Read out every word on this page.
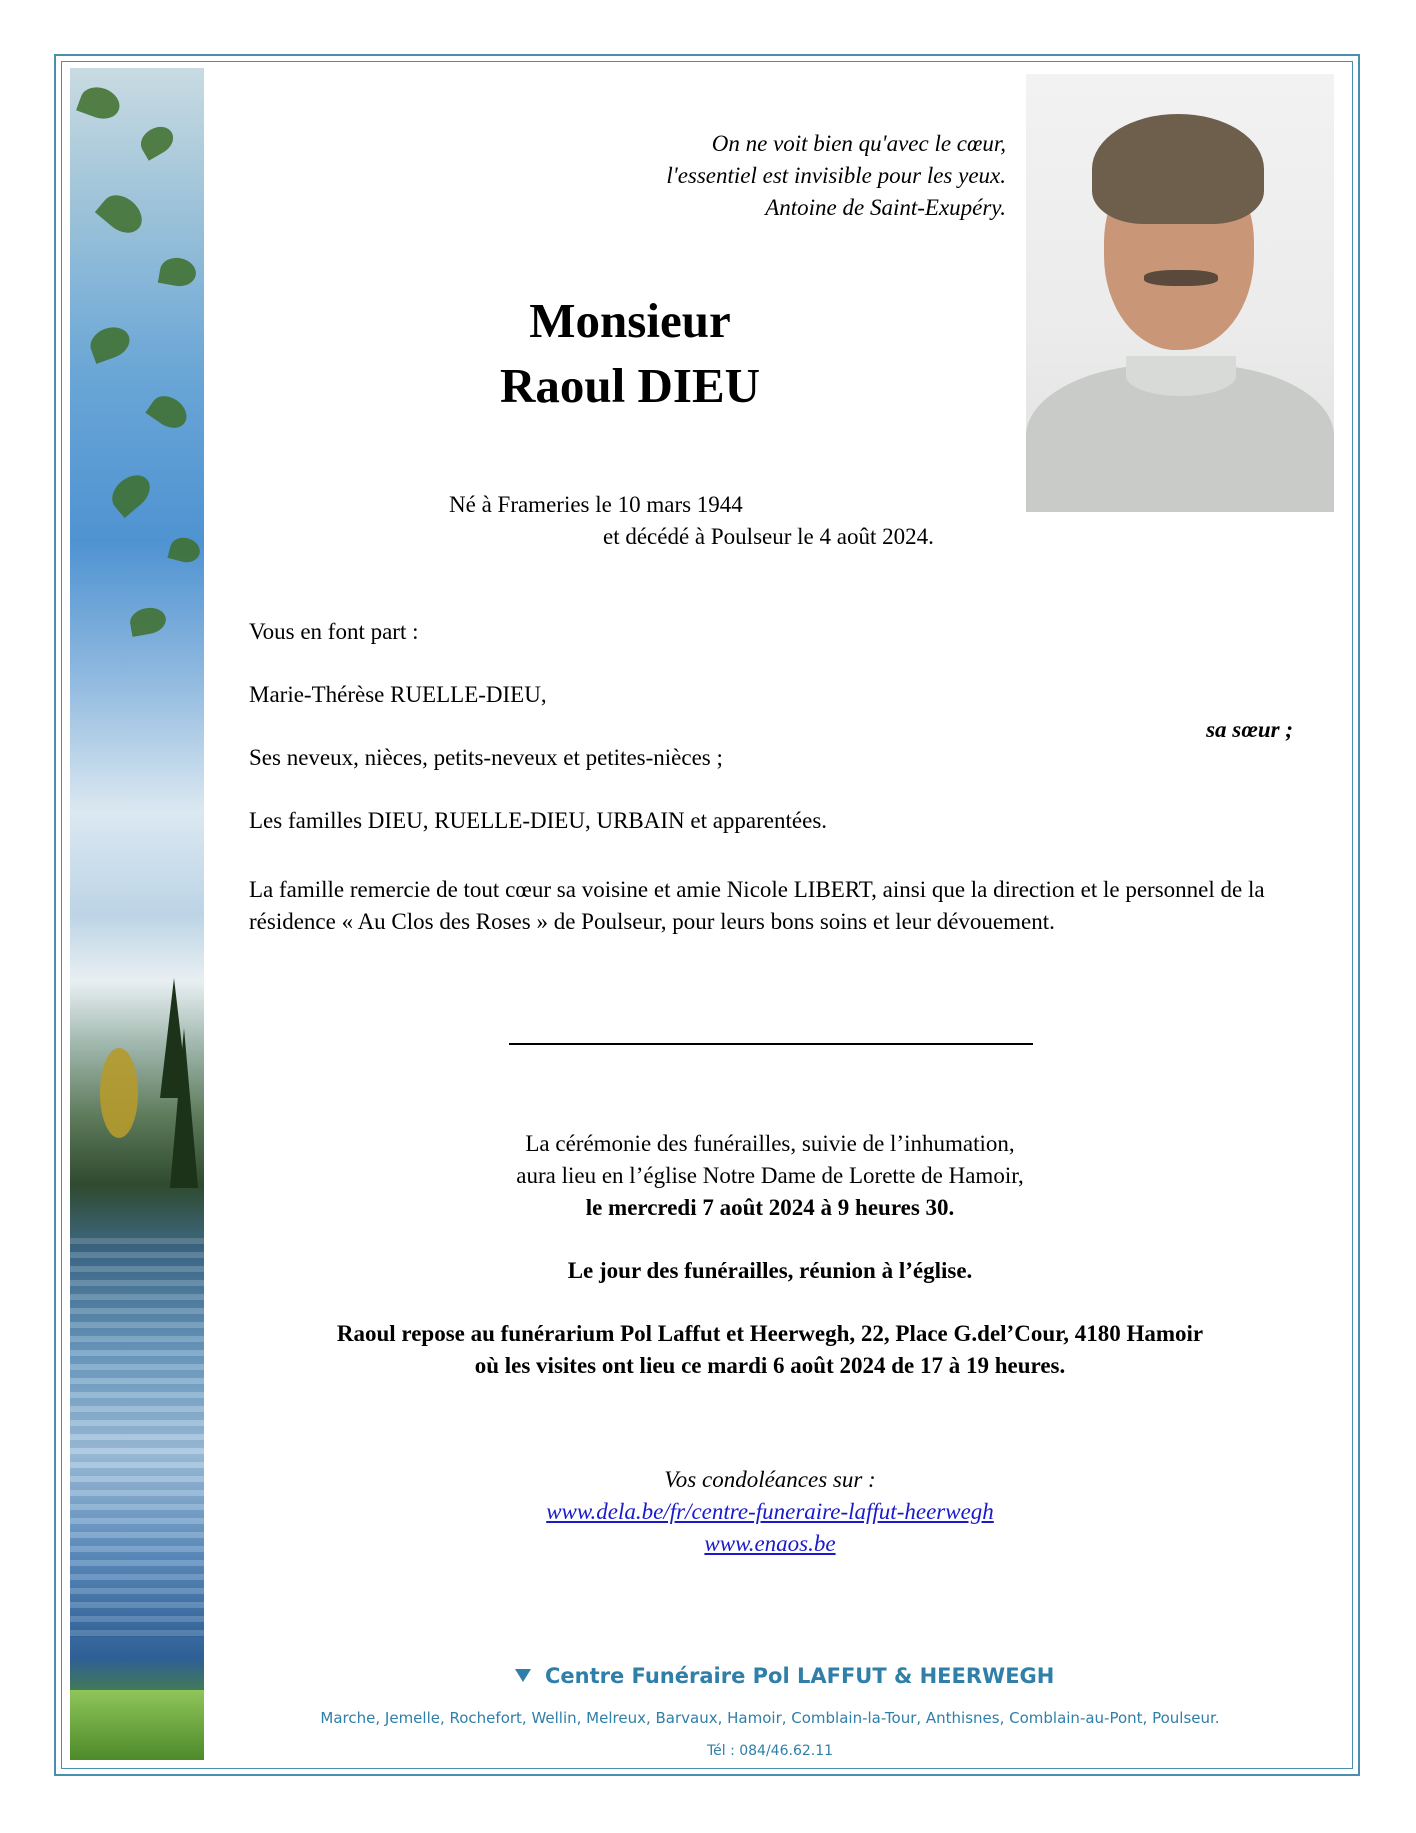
On ne voit bien qu'avec le cœur,
l'essentiel est invisible pour les yeux.
Antoine de Saint-Exupéry.
Monsieur
Raoul DIEU
Né à Frameries le 10 mars 1944
et décédé à Poulseur le 4 août 2024.
Vous en font part :
Marie-Thérèse RUELLE-DIEU,
sa sœur ;
Ses neveux, nièces, petits-neveux et petites-nièces ;
Les familles DIEU, RUELLE-DIEU, URBAIN et apparentées.
La famille remercie de tout cœur sa voisine et amie Nicole LIBERT, ainsi que la direction et le personnel de la résidence « Au Clos des Roses » de Poulseur, pour leurs bons soins et leur dévouement.
La cérémonie des funérailles, suivie de l’inhumation,
aura lieu en l’église Notre Dame de Lorette de Hamoir,
le mercredi 7 août 2024 à 9 heures 30.
Le jour des funérailles, réunion à l’église.
Raoul repose au funérarium Pol Laffut et Heerwegh, 22, Place G.del’Cour, 4180 Hamoir
où les visites ont lieu ce mardi 6 août 2024 de 17 à 19 heures.
Vos condoléances sur :
www.dela.be/fr/centre-funeraire-laffut-heerwegh
www.enaos.be
Centre Funéraire Pol LAFFUT & HEERWEGH
Marche, Jemelle, Rochefort, Wellin, Melreux, Barvaux, Hamoir, Comblain-la-Tour, Anthisnes, Comblain-au-Pont, Poulseur.
Tél : 084/46.62.11
